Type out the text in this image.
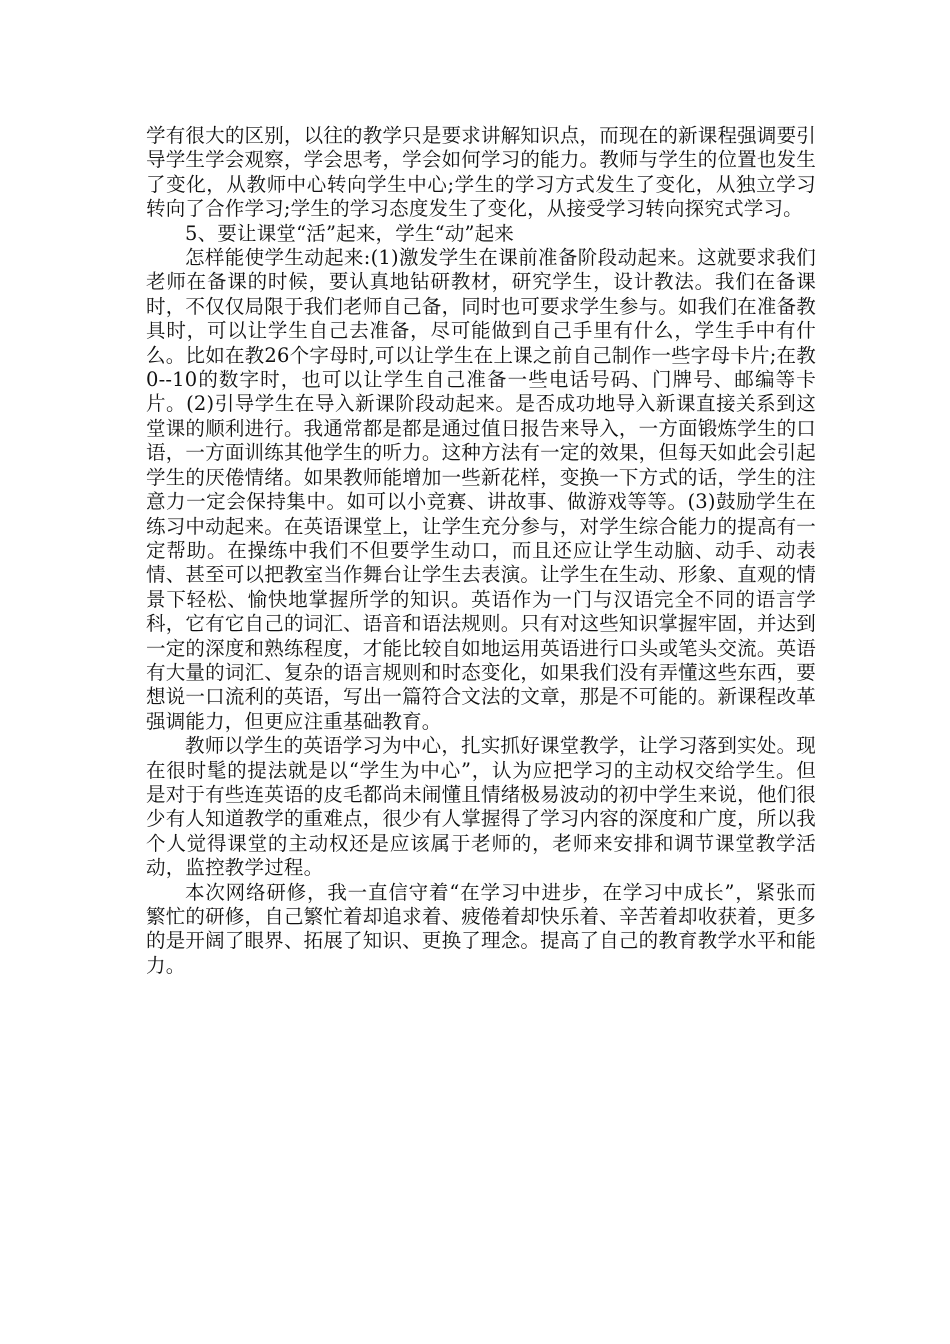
学有很大的区别，以往的教学只是要求讲解知识点，而现在的新课程强调要引导学生学会观察，学会思考，学会如何学习的能力。教师与学生的位置也发生了变化，从教师中心转向学生中心;学生的学习方式发生了变化，从独立学习转向了合作学习;学生的学习态度发生了变化，从接受学习转向探究式学习。

5、要让课堂“活”起来，学生“动”起来

怎样能使学生动起来:(1)激发学生在课前准备阶段动起来。这就要求我们老师在备课的时候，要认真地钻研教材，研究学生，设计教法。我们在备课时，不仅仅局限于我们老师自己备，同时也可要求学生参与。如我们在准备教具时，可以让学生自己去准备，尽可能做到自己手里有什么，学生手中有什么。比如在教26个字母时,可以让学生在上课之前自己制作一些字母卡片;在教 0--10的数字时，也可以让学生自己准备一些电话号码、门牌号、邮编等卡片。(2)引导学生在导入新课阶段动起来。是否成功地导入新课直接关系到这堂课的顺利进行。我通常都是都是通过值日报告来导入，一方面锻炼学生的口语，一方面训练其他学生的听力。这种方法有一定的效果，但每天如此会引起学生的厌倦情绪。如果教师能增加一些新花样，变换一下方式的话，学生的注意力一定会保持集中。如可以小竞赛、讲故事、做游戏等等。(3)鼓励学生在练习中动起来。在英语课堂上，让学生充分参与，对学生综合能力的提高有一定帮助。在操练中我们不但要学生动口，而且还应让学生动脑、动手、动表情、甚至可以把教室当作舞台让学生去表演。让学生在生动、形象、直观的情景下轻松、愉快地掌握所学的知识。英语作为一门与汉语完全不同的语言学科，它有它自己的词汇、语音和语法规则。只有对这些知识掌握牢固，并达到一定的深度和熟练程度，才能比较自如地运用英语进行口头或笔头交流。英语有大量的词汇、复杂的语言规则和时态变化，如果我们没有弄懂这些东西，要想说一口流利的英语，写出一篇符合文法的文章，那是不可能的。新课程改革强调能力，但更应注重基础教育。

教师以学生的英语学习为中心，扎实抓好课堂教学，让学习落到实处。现在很时髦的提法就是以“学生为中心”，认为应把学习的主动权交给学生。但是对于有些连英语的皮毛都尚未闹懂且情绪极易波动的初中学生来说，他们很少有人知道教学的重难点，很少有人掌握得了学习内容的深度和广度，所以我个人觉得课堂的主动权还是应该属于老师的，老师来安排和调节课堂教学活动，监控教学过程。

本次网络研修，我一直信守着“在学习中进步，在学习中成长”，紧张而繁忙的研修，自己繁忙着却追求着、疲倦着却快乐着、辛苦着却收获着，更多的是开阔了眼界、拓展了知识、更换了理念。提高了自己的教育教学水平和能力。
